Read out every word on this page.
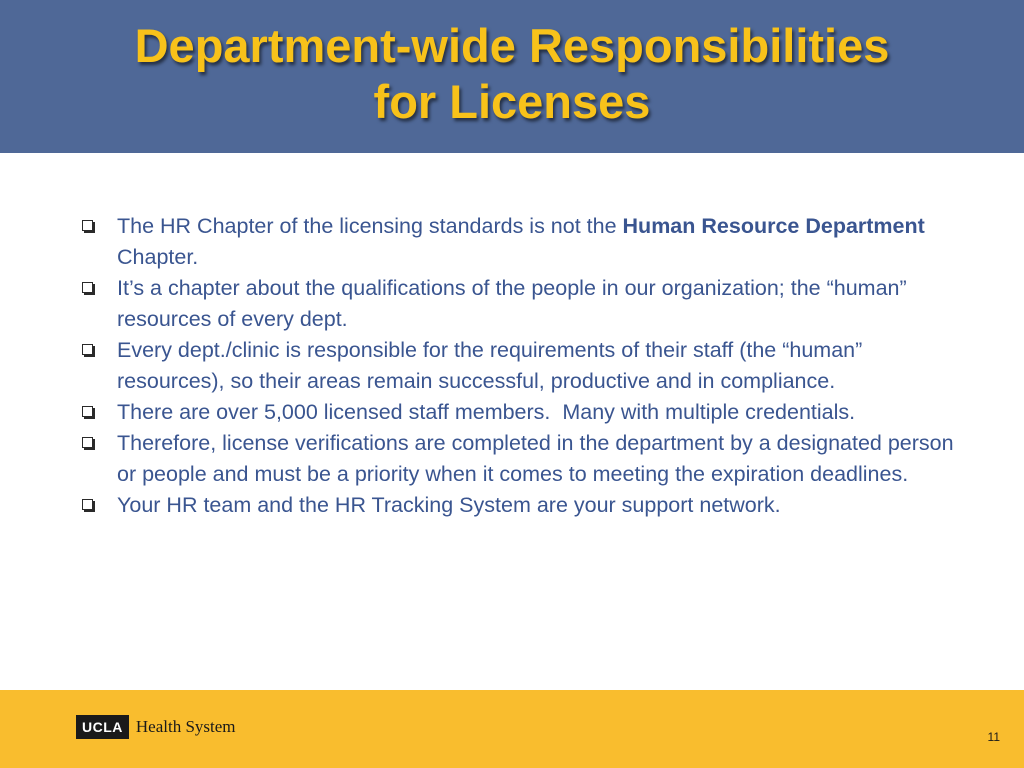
Department-wide Responsibilities
for Licenses
The HR Chapter of the licensing standards is not the Human Resource Department Chapter.
It’s a chapter about the qualifications of the people in our organization; the “human” resources of every dept.
Every dept./clinic is responsible for the requirements of their staff (the “human” resources), so their areas remain successful, productive and in compliance.
There are over 5,000 licensed staff members.  Many with multiple credentials.
Therefore, license verifications are completed in the department by a designated person or people and must be a priority when it comes to meeting the expiration deadlines.
Your HR team and the HR Tracking System are your support network.
UCLA Health System
11
